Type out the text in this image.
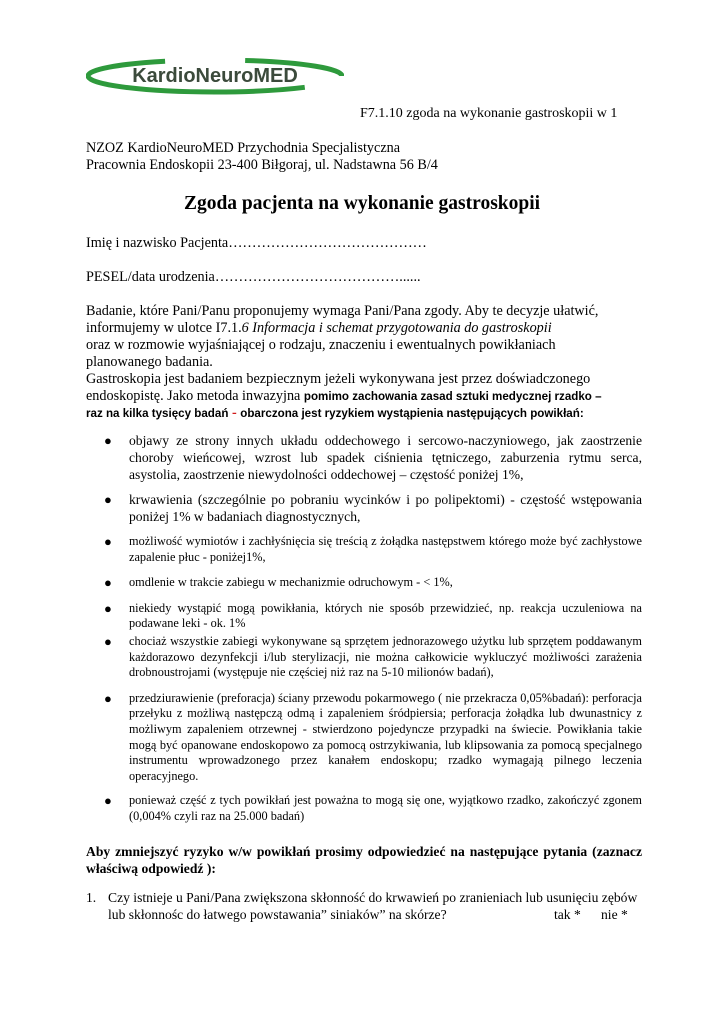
KardioNeuroMED
F7.1.10 zgoda na wykonanie gastroskopii w 1
NZOZ KardioNeuroMED Przychodnia Specjalistyczna
Pracownia Endoskopii 23-400 Biłgoraj, ul. Nadstawna 56 B/4
Zgoda pacjenta na wykonanie gastroskopii
Imię i nazwisko Pacjenta……………………………………
PESEL/data urodzenia…………………………………......
Badanie, które Pani/Panu proponujemy wymaga Pani/Pana zgody. Aby te decyzje ułatwić,
informujemy w ulotce I7.1.6 Informacja i schemat przygotowania do gastroskopii
oraz w rozmowie wyjaśniającej o rodzaju, znaczeniu i ewentualnych powikłaniach
planowanego badania.
Gastroskopia jest badaniem bezpiecznym jeżeli wykonywana jest przez doświadczonego
endoskopistę. Jako metoda inwazyjna pomimo zachowania zasad sztuki medycznej rzadko –
raz na kilka tysięcy badań - obarczona jest ryzykiem wystąpienia następujących powikłań:
● objawy ze strony innych układu oddechowego i sercowo-naczyniowego, jak zaostrzenie choroby wieńcowej, wzrost lub spadek ciśnienia tętniczego, zaburzenia rytmu serca, asystolia, zaostrzenie niewydolności oddechowej – częstość poniżej 1%,
● krwawienia (szczególnie po pobraniu wycinków i po polipektomi) - częstość wstępowania poniżej 1% w badaniach diagnostycznych,
● możliwość wymiotów i zachłyśnięcia się treścią z żołądka następstwem którego może być zachłystowe zapalenie płuc - poniżej1%,
● omdlenie w trakcie zabiegu w mechanizmie odruchowym - < 1%,
● niekiedy wystąpić mogą powikłania, których nie sposób przewidzieć, np. reakcja uczuleniowa na podawane leki - ok. 1%
● chociaż wszystkie zabiegi wykonywane są sprzętem jednorazowego użytku lub sprzętem poddawanym każdorazowo dezynfekcji i/lub sterylizacji, nie można całkowicie wykluczyć możliwości zarażenia drobnoustrojami (występuje nie częściej niż raz na 5-10 milionów badań),
● przedziurawienie (preforacja) ściany przewodu pokarmowego ( nie przekracza 0,05%badań): perforacja przełyku z możliwą następczą odmą i zapaleniem śródpiersia; perforacja żołądka lub dwunastnicy z możliwym zapaleniem otrzewnej - stwierdzono pojedyncze przypadki na świecie. Powikłania takie mogą być opanowane endoskopowo za pomocą ostrzykiwania, lub klipsowania za pomocą specjalnego instrumentu wprowadzonego przez kanałem endoskopu; rzadko wymagają pilnego leczenia operacyjnego.
● ponieważ część z tych powikłań jest poważna to mogą się one, wyjątkowo rzadko, zakończyć zgonem (0,004% czyli raz na 25.000 badań)
Aby zmniejszyć ryzyko w/w powikłań prosimy odpowiedzieć na następujące pytania (zaznacz właściwą odpowiedź ):
1. Czy istnieje u Pani/Pana zwiększona skłonność do krwawień po zranieniach lub usunięciu zębów
lub skłonnośc do łatwego powstawania” siniaków” na skórze?	tak * nie *
